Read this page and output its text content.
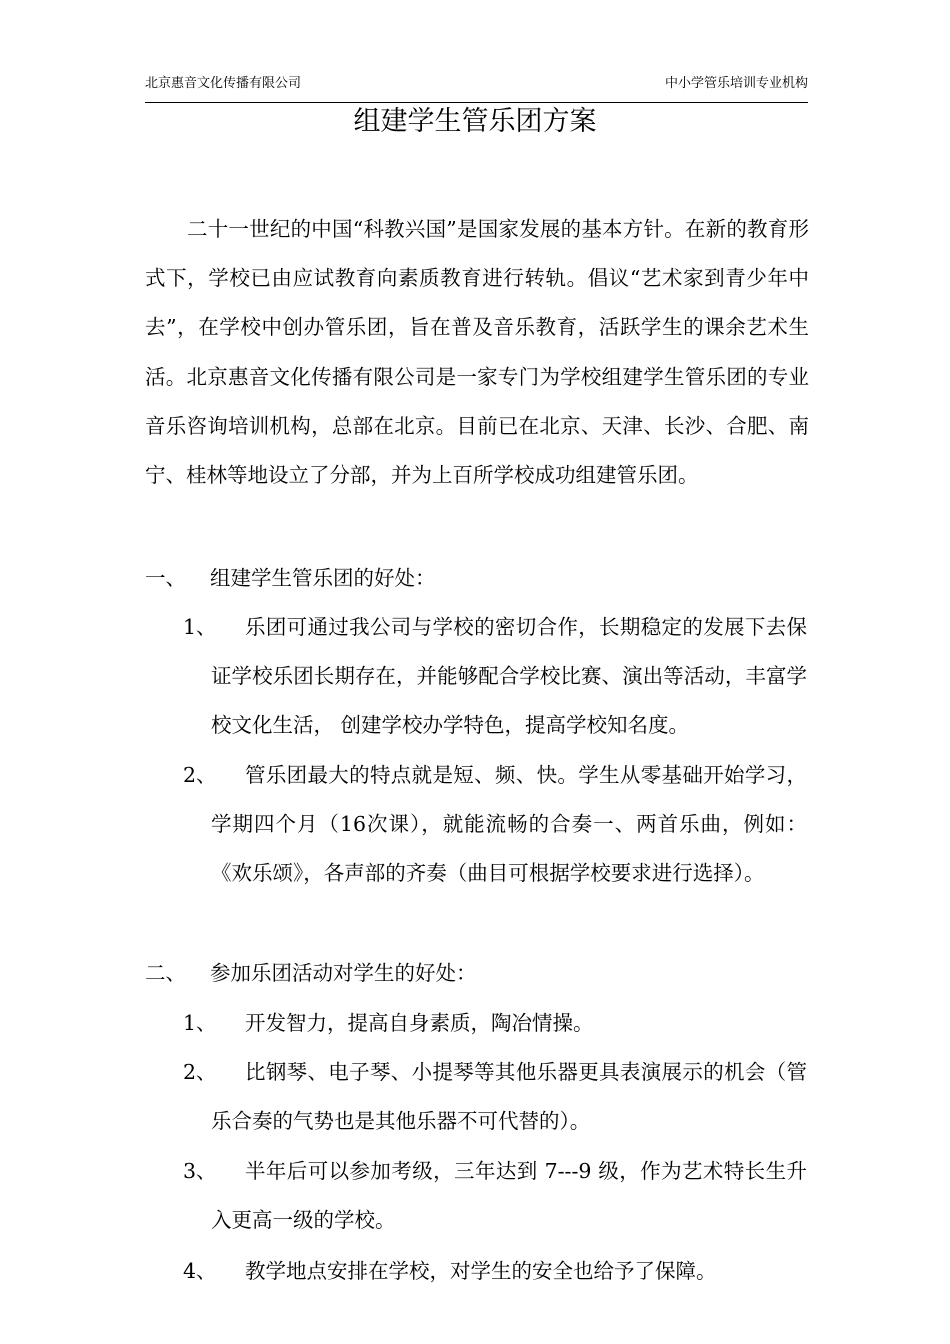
北京惠音文化传播有限公司	中小学管乐培训专业机构
组建学生管乐团方案

二十一世纪的中国“科教兴国”是国家发展的基本方针。在新的教育形式下，学校已由应试教育向素质教育进行转轨。倡议“艺术家到青少年中去”，在学校中创办管乐团，旨在普及音乐教育，活跃学生的课余艺术生活。北京惠音文化传播有限公司是一家专门为学校组建学生管乐团的专业音乐咨询培训机构，总部在北京。目前已在北京、天津、长沙、合肥、南宁、桂林等地设立了分部，并为上百所学校成功组建管乐团。

一、 组建学生管乐团的好处：
1、	乐团可通过我公司与学校的密切合作，长期稳定的发展下去保证学校乐团长期存在，并能够配合学校比赛、演出等活动，丰富学校文化生活， 创建学校办学特色，提高学校知名度。
2、	管乐团最大的特点就是短、频、快。学生从零基础开始学习，学期四个月（16次课），就能流畅的合奏一、两首乐曲，例如：《欢乐颂》，各声部的齐奏（曲目可根据学校要求进行选择）。
二、 参加乐团活动对学生的好处：
1、	开发智力，提高自身素质，陶冶情操。
2、	比钢琴、电子琴、小提琴等其他乐器更具表演展示的机会（管乐合奏的气势也是其他乐器不可代替的）。
3、	半年后可以参加考级，三年达到 7---9 级，作为艺术特长生升入更高一级的学校。
4、	教学地点安排在学校，对学生的安全也给予了保障。
